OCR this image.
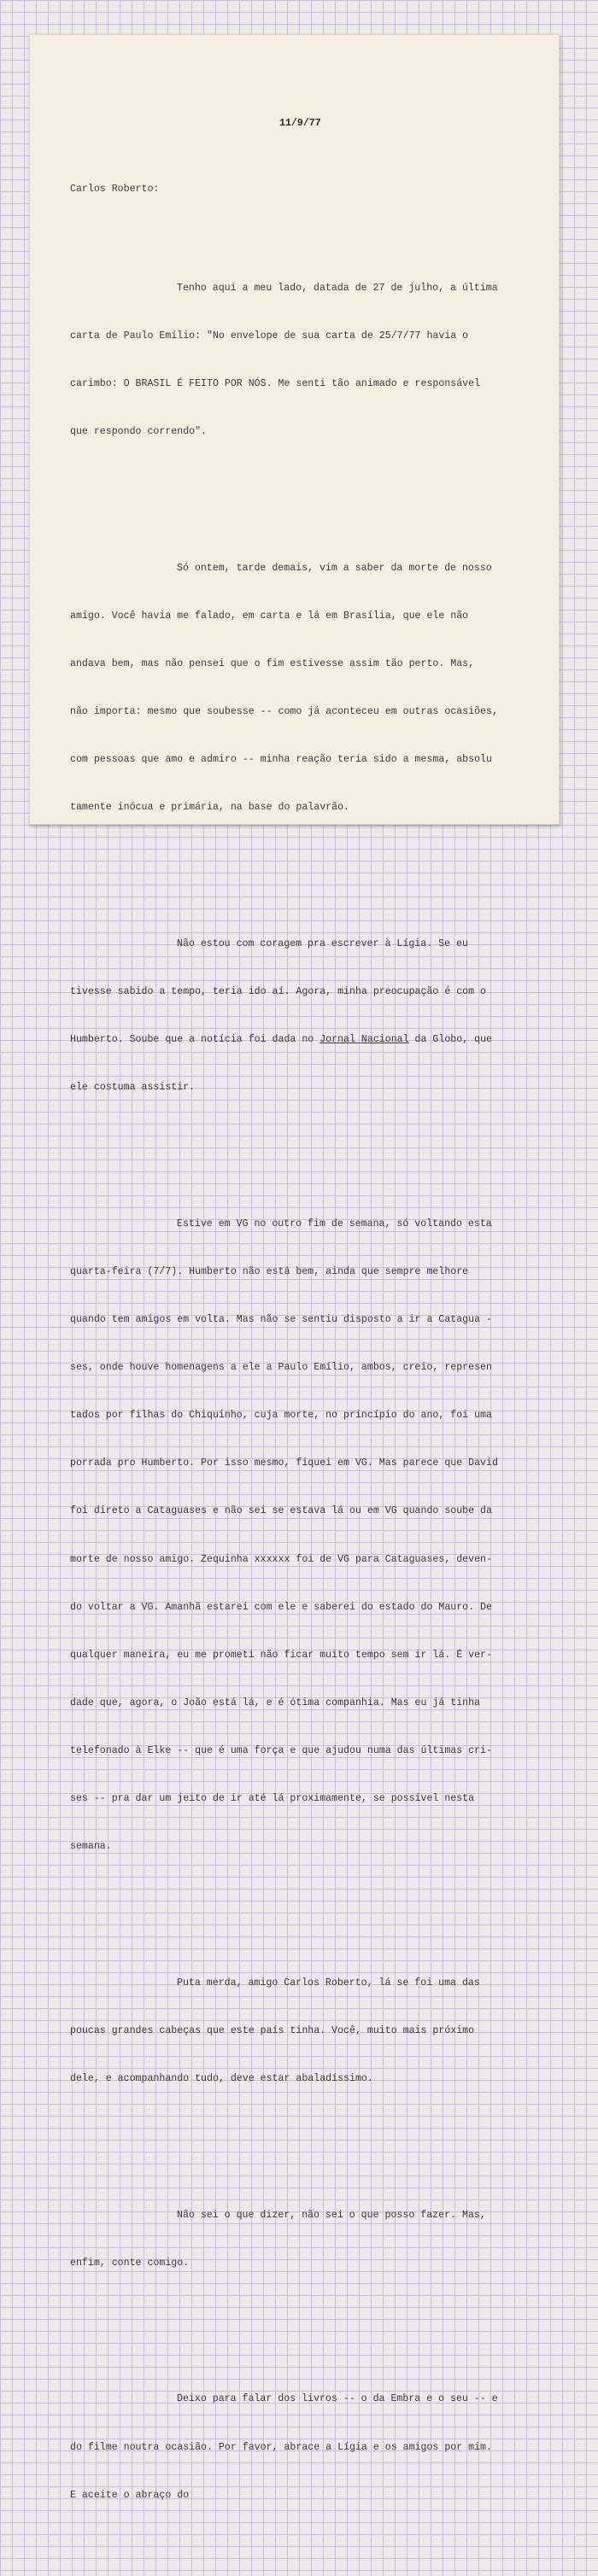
11/9/77

Carlos Roberto:

Tenho aqui a meu lado, datada de 27 de julho, a última

carta de Paulo Emílio: "No envelope de sua carta de 25/7/77 havia o

carimbo: O BRASIL É FEITO POR NÓS. Me senti tão animado e responsável

que respondo correndo".

Só ontem, tarde demais, vim a saber da morte de nosso

amigo. Você havia me falado, em carta e lá em Brasília, que ele não

andava bem, mas não pensei que o fim estivesse assim tão perto. Mas,

não importa: mesmo que soubesse -- como já aconteceu em outras ocasiões,

com pessoas que amo e admiro -- minha reação teria sido a mesma, absolu

tamente inócua e primária, na base do palavrão.

Não estou com coragem pra escrever à Lígia. Se eu

tivesse sabido a tempo, teria ido aí. Agora, minha preocupação é com o

Humberto. Soube que a notícia foi dada no Jornal Nacional da Globo, que

ele costuma assistir.

Estive em VG no outro fim de semana, só voltando esta

quarta-feira (7/7). Humberto não está bem, ainda que sempre melhore

quando tem amigos em volta. Mas não se sentiu disposto a ir a Catagua -

ses, onde houve homenagens a ele a Paulo Emílio, ambos, creio, represen

tados por filhas do Chiquinho, cuja morte, no princípio do ano, foi uma

porrada pro Humberto. Por isso mesmo, fiquei em VG. Mas parece que David

foi direto a Cataguases e não sei se estava lá ou em VG quando soube da

morte de nosso amigo. Zequinha xxxxxx foi de VG para Cataguases, deven-

do voltar a VG. Amanhã estarei com ele e saberei do estado do Mauro. De

qualquer maneira, eu me prometi não ficar muito tempo sem ir lá. É ver-

dade que, agora, o João está lá, e é ótima companhia. Mas eu já tinha

telefonado à Elke -- que é uma força e que ajudou numa das últimas cri-

ses -- pra dar um jeito de ir até lá proximamente, se possível nesta

semana.

Puta merda, amigo Carlos Roberto, lá se foi uma das

poucas grandes cabeças que este país tinha. Você, muito mais próximo

dele, e acompanhando tudo, deve estar abaladíssimo.

Não sei o que dizer, não sei o que posso fazer. Mas,

enfim, conte comigo.

Deixo para falar dos livros -- o da Embra e o seu -- e

do filme noutra ocasião. Por favor, abrace a Lígia e os amigos por mim.

E aceite o abraço do
